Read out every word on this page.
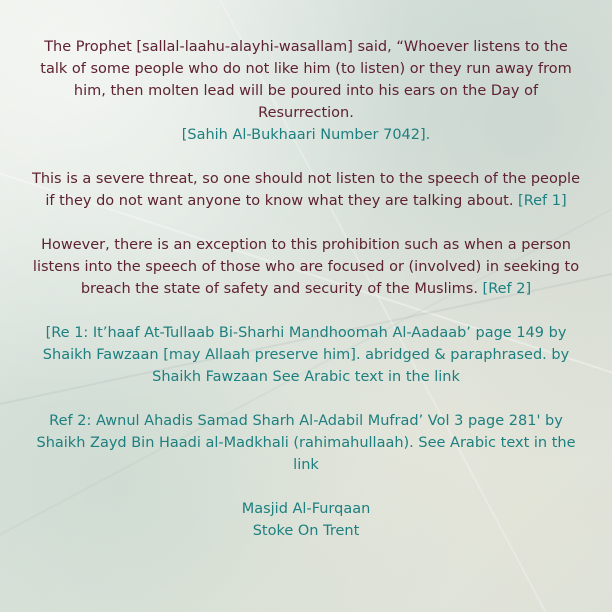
The Prophet [sallal-laahu-alayhi-wasallam] said, “Whoever listens to the talk of some people who do not like him (to listen) or they run away from him, then molten lead will be poured into his ears on the Day of Resurrection.
[Sahih Al-Bukhaari Number 7042].

This is a severe threat, so one should not listen to the speech of the people if they do not want anyone to know what they are talking about. [Ref 1]

However, there is an exception to this prohibition such as when a person listens into the speech of those who are focused or (involved) in seeking to breach the state of safety and security of the Muslims. [Ref 2]

[Re 1: It’haaf At-Tullaab Bi-Sharhi Mandhoomah Al-Aadaab’ page 149 by Shaikh Fawzaan [may Allaah preserve him]. abridged & paraphrased. by Shaikh Fawzaan See Arabic text in the link

Ref 2: Awnul Ahadis Samad Sharh Al-Adabil Mufrad’ Vol 3 page 281' by Shaikh Zayd Bin Haadi al-Madkhali (rahimahullaah). See Arabic text in the link

Masjid Al-Furqaan
Stoke On Trent
